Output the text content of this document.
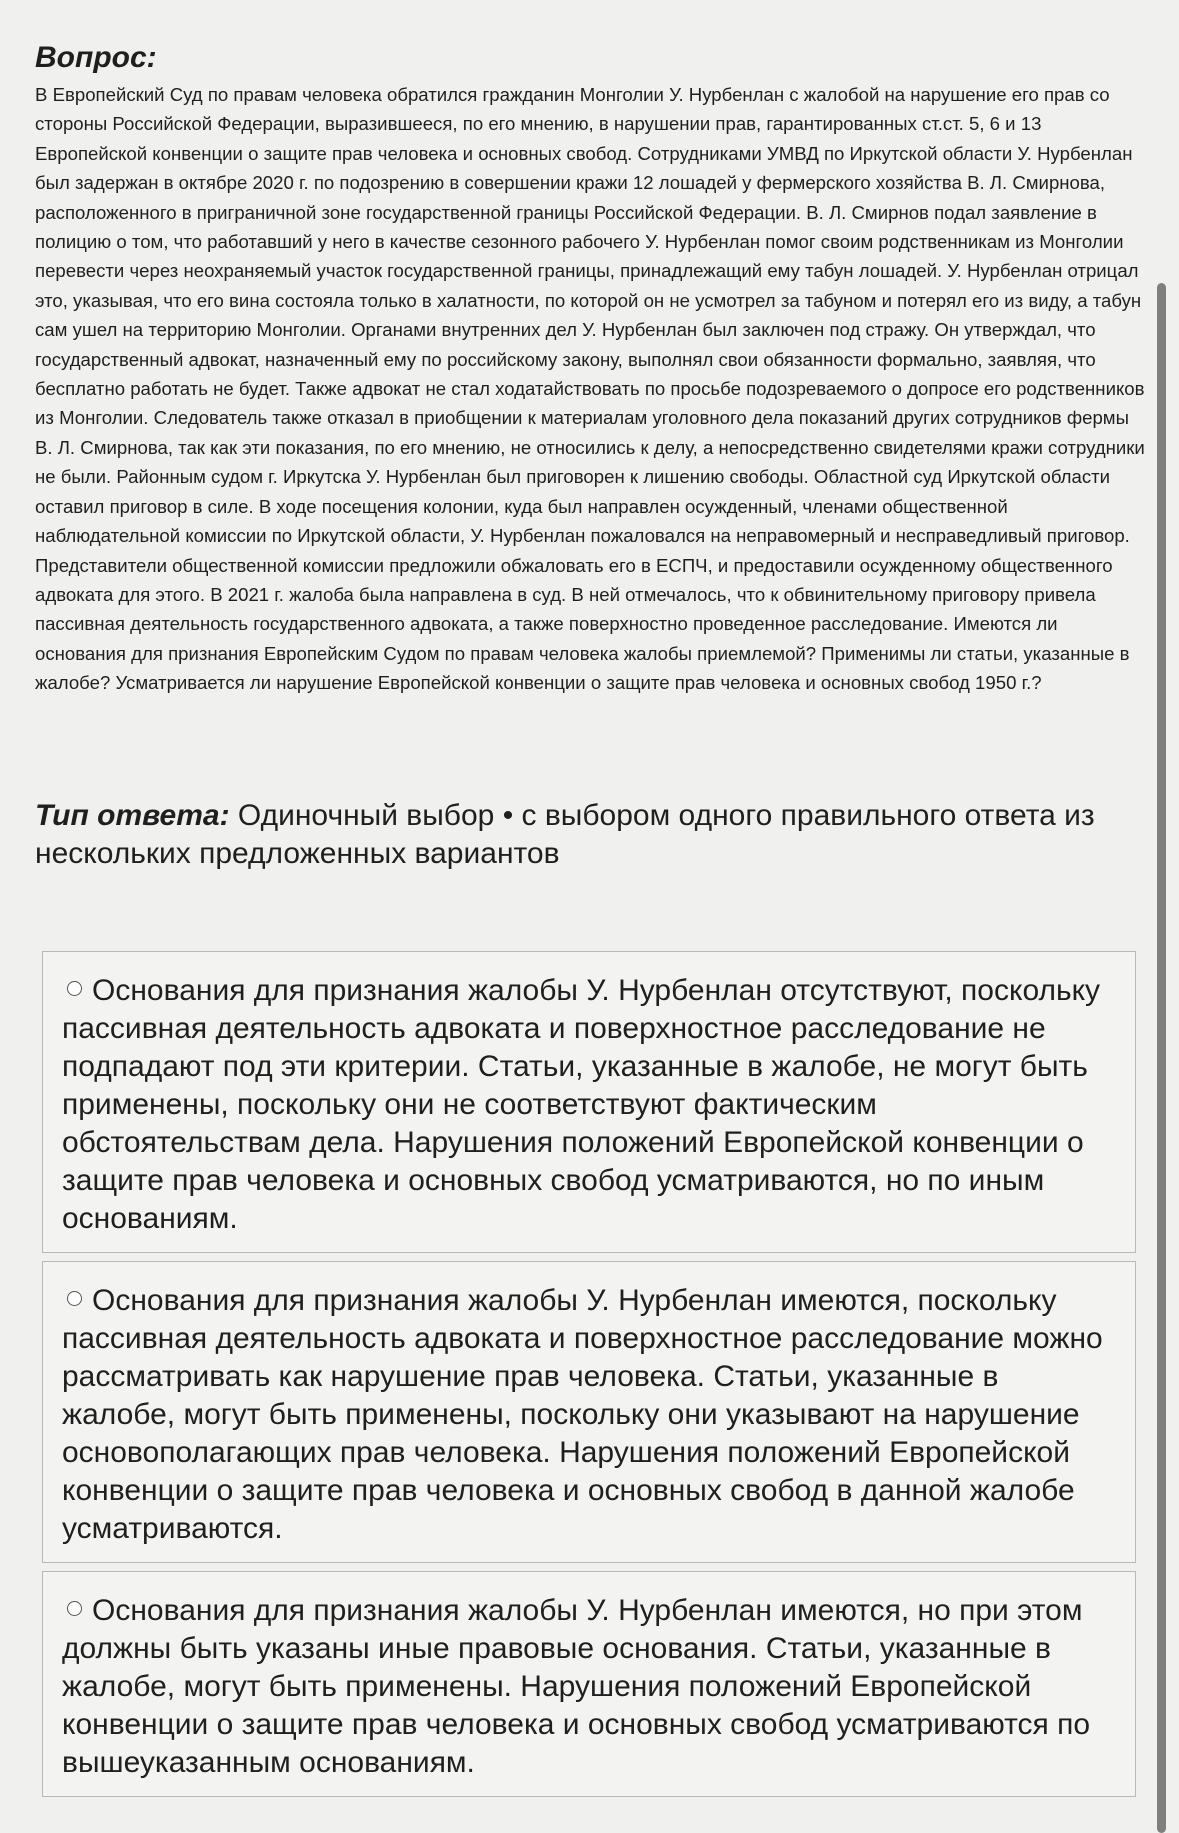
Вопрос:

В Европейский Суд по правам человека обратился гражданин Монголии У. Нурбенлан с жалобой на нарушение его прав со стороны Российской Федерации, выразившееся, по его мнению, в нарушении прав, гарантированных ст.ст. 5, 6 и 13 Европейской конвенции о защите прав человека и основных свобод. Сотрудниками УМВД по Иркутской области У. Нурбенлан был задержан в октябре 2020 г. по подозрению в совершении кражи 12 лошадей у фермерского хозяйства В. Л. Смирнова, расположенного в приграничной зоне государственной границы Российской Федерации. В. Л. Смирнов подал заявление в полицию о том, что работавший у него в качестве сезонного рабочего У. Нурбенлан помог своим родственникам из Монголии перевести через неохраняемый участок государственной границы, принадлежащий ему табун лошадей. У. Нурбенлан отрицал это, указывая, что его вина состояла только в халатности, по которой он не усмотрел за табуном и потерял его из виду, а табун сам ушел на территорию Монголии. Органами внутренних дел У. Нурбенлан был заключен под стражу. Он утверждал, что государственный адвокат, назначенный ему по российскому закону, выполнял свои обязанности формально, заявляя, что бесплатно работать не будет. Также адвокат не стал ходатайствовать по просьбе подозреваемого о допросе его родственников из Монголии. Следователь также отказал в приобщении к материалам уголовного дела показаний других сотрудников фермы В. Л. Смирнова, так как эти показания, по его мнению, не относились к делу, а непосредственно свидетелями кражи сотрудники не были. Районным судом г. Иркутска У. Нурбенлан был приговорен к лишению свободы. Областной суд Иркутской области оставил приговор в силе. В ходе посещения колонии, куда был направлен осужденный, членами общественной наблюдательной комиссии по Иркутской области, У. Нурбенлан пожаловался на неправомерный и несправедливый приговор. Представители общественной комиссии предложили обжаловать его в ЕСПЧ, и предоставили осужденному общественного адвоката для этого. В 2021 г. жалоба была направлена в суд. В ней отмечалось, что к обвинительному приговору привела пассивная деятельность государственного адвоката, а также поверхностно проведенное расследование. Имеются ли основания для признания Европейским Судом по правам человека жалобы приемлемой? Применимы ли статьи, указанные в жалобе? Усматривается ли нарушение Европейской конвенции о защите прав человека и основных свобод 1950 г.?

Тип ответа: Одиночный выбор • с выбором одного правильного ответа из нескольких предложенных вариантов
Основания для признания жалобы У. Нурбенлан отсутствуют, поскольку пассивная деятельность адвоката и поверхностное расследование не подпадают под эти критерии. Статьи, указанные в жалобе, не могут быть применены, поскольку они не соответствуют фактическим обстоятельствам дела. Нарушения положений Европейской конвенции о защите прав человека и основных свобод усматриваются, но по иным основаниям.
Основания для признания жалобы У. Нурбенлан имеются, поскольку пассивная деятельность адвоката и поверхностное расследование можно рассматривать как нарушение прав человека. Статьи, указанные в жалобе, могут быть применены, поскольку они указывают на нарушение основополагающих прав человека. Нарушения положений Европейской конвенции о защите прав человека и основных свобод в данной жалобе усматриваются.
Основания для признания жалобы У. Нурбенлан имеются, но при этом должны быть указаны иные правовые основания. Статьи, указанные в жалобе, могут быть применены. Нарушения положений Европейской конвенции о защите прав человека и основных свобод усматриваются по вышеуказанным основаниям.
